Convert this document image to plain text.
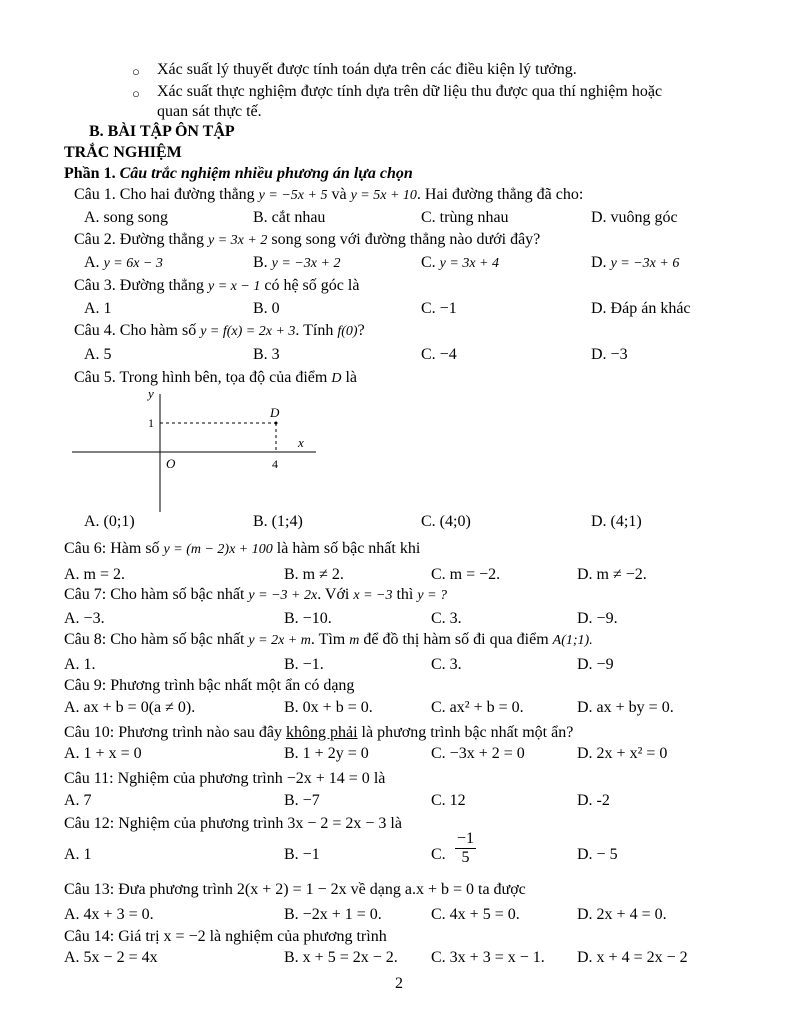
○ Xác suất lý thuyết được tính toán dựa trên các điều kiện lý tưởng.
○ Xác suất thực nghiệm được tính dựa trên dữ liệu thu được qua thí nghiệm hoặc
quan sát thực tế.
B. BÀI TẬP ÔN TẬP
TRẮC NGHIỆM
Phần 1. Câu trắc nghiệm nhiều phương án lựa chọn
Câu 1. Cho hai đường thẳng y = −5x + 5 và y = 5x + 10. Hai đường thẳng đã cho:
A. song song	B. cắt nhau	C. trùng nhau	D. vuông góc
Câu 2. Đường thẳng y = 3x + 2 song song với đường thẳng nào dưới đây?
A. y = 6x − 3	B. y = −3x + 2	C. y = 3x + 4	D. y = −3x + 6
Câu 3. Đường thẳng y = x − 1 có hệ số góc là
A. 1	B. 0	C. −1	D. Đáp án khác
Câu 4. Cho hàm số y = f(x) = 2x + 3. Tính f(0)?
A. 5	B. 3	C. −4	D. −3
Câu 5. Trong hình bên, tọa độ của điểm D là
y
x
1
D
O	4
A. (0;1)	B. (1;4)	C. (4;0)	D. (4;1)
Câu 6: Hàm số y = (m − 2)x + 100 là hàm số bậc nhất khi
A. m = 2.	B. m ≠ 2.	C. m = −2.	D. m ≠ −2.
Câu 7: Cho hàm số bậc nhất y = −3 + 2x. Với x = −3 thì y = ?
A. −3.	B. −10.	C. 3.	D. −9.
Câu 8: Cho hàm số bậc nhất y = 2x + m. Tìm m để đồ thị hàm số đi qua điểm A(1;1).
A. 1.	B. −1.	C. 3.	D. −9
Câu 9: Phương trình bậc nhất một ẩn có dạng
A. ax + b = 0(a ≠ 0).	B. 0x + b = 0.	C. ax² + b = 0.	D. ax + by = 0.
Câu 10: Phương trình nào sau đây không phải là phương trình bậc nhất một ẩn?
A. 1 + x = 0	B. 1 + 2y = 0	C. −3x + 2 = 0	D. 2x + x² = 0
Câu 11: Nghiệm của phương trình −2x + 14 = 0 là
A. 7	B. −7	C. 12	D. -2
Câu 12: Nghiệm của phương trình 3x − 2 = 2x − 3 là
A. 1	B. −1	C. $\frac{-1}{5}$	D. − 5
Câu 13: Đưa phương trình 2(x + 2) = 1 − 2x về dạng a.x + b = 0 ta được
A. 4x + 3 = 0.	B. −2x + 1 = 0.	C. 4x + 5 = 0.	D. 2x + 4 = 0.
Câu 14: Giá trị x = −2 là nghiệm của phương trình
A. 5x − 2 = 4x	B. x + 5 = 2x − 2. C. 3x + 3 = x − 1. D. x + 4 = 2x − 2
2
